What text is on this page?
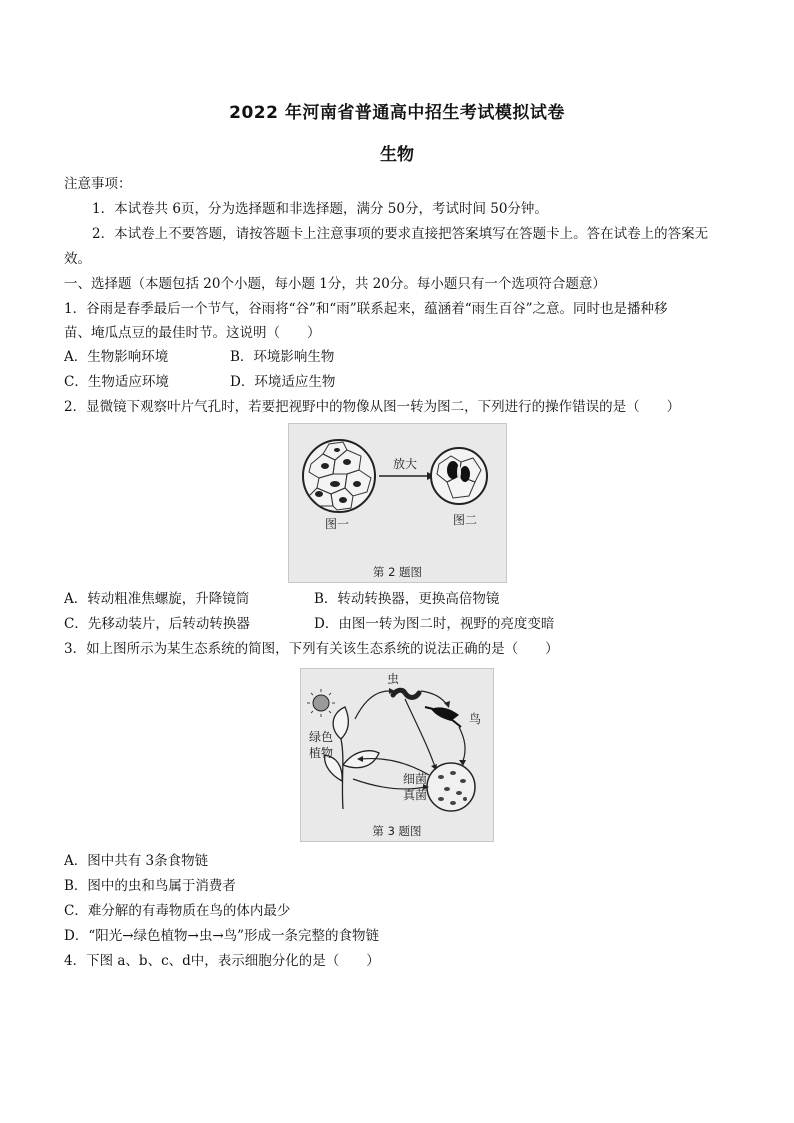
2022 年河南省普通高中招生考试模拟试卷
生物
注意事项：
1．本试卷共 6页，分为选择题和非选择题，满分 50分，考试时间 50分钟。
2．本试卷上不要答题，请按答题卡上注意事项的要求直接把答案填写在答题卡上。答在试卷上的答案无
效。
一、选择题（本题包括 20个小题，每小题 1分，共 20分。每小题只有一个选项符合题意）
1．谷雨是春季最后一个节气，谷雨将“谷”和“雨”联系起来，蕴涵着“雨生百谷”之意。同时也是播种移
苗、埯瓜点豆的最佳时节。这说明（　　）
A．生物影响环境	B．环境影响生物
C．生物适应环境	D．环境适应生物
2．显微镜下观察叶片气孔时，若要把视野中的物像从图一转为图二，下列进行的操作错误的是（　　）
放大
图一	图二
第 2 题图
A．转动粗准焦螺旋，升降镜筒	B．转动转换器，更换高倍物镜
C．先移动装片，后转动转换器	D．由图一转为图二时，视野的亮度变暗
3．如上图所示为某生态系统的简图，下列有关该生态系统的说法正确的是（　　）
虫
鸟
绿色
植物
细菌
真菌
第 3 题图
A．图中共有 3条食物链
B．图中的虫和鸟属于消费者
C．难分解的有毒物质在鸟的体内最少
D．“阳光→绿色植物→虫→鸟”形成一条完整的食物链
4．下图 a、b、c、d中，表示细胞分化的是（　　）
